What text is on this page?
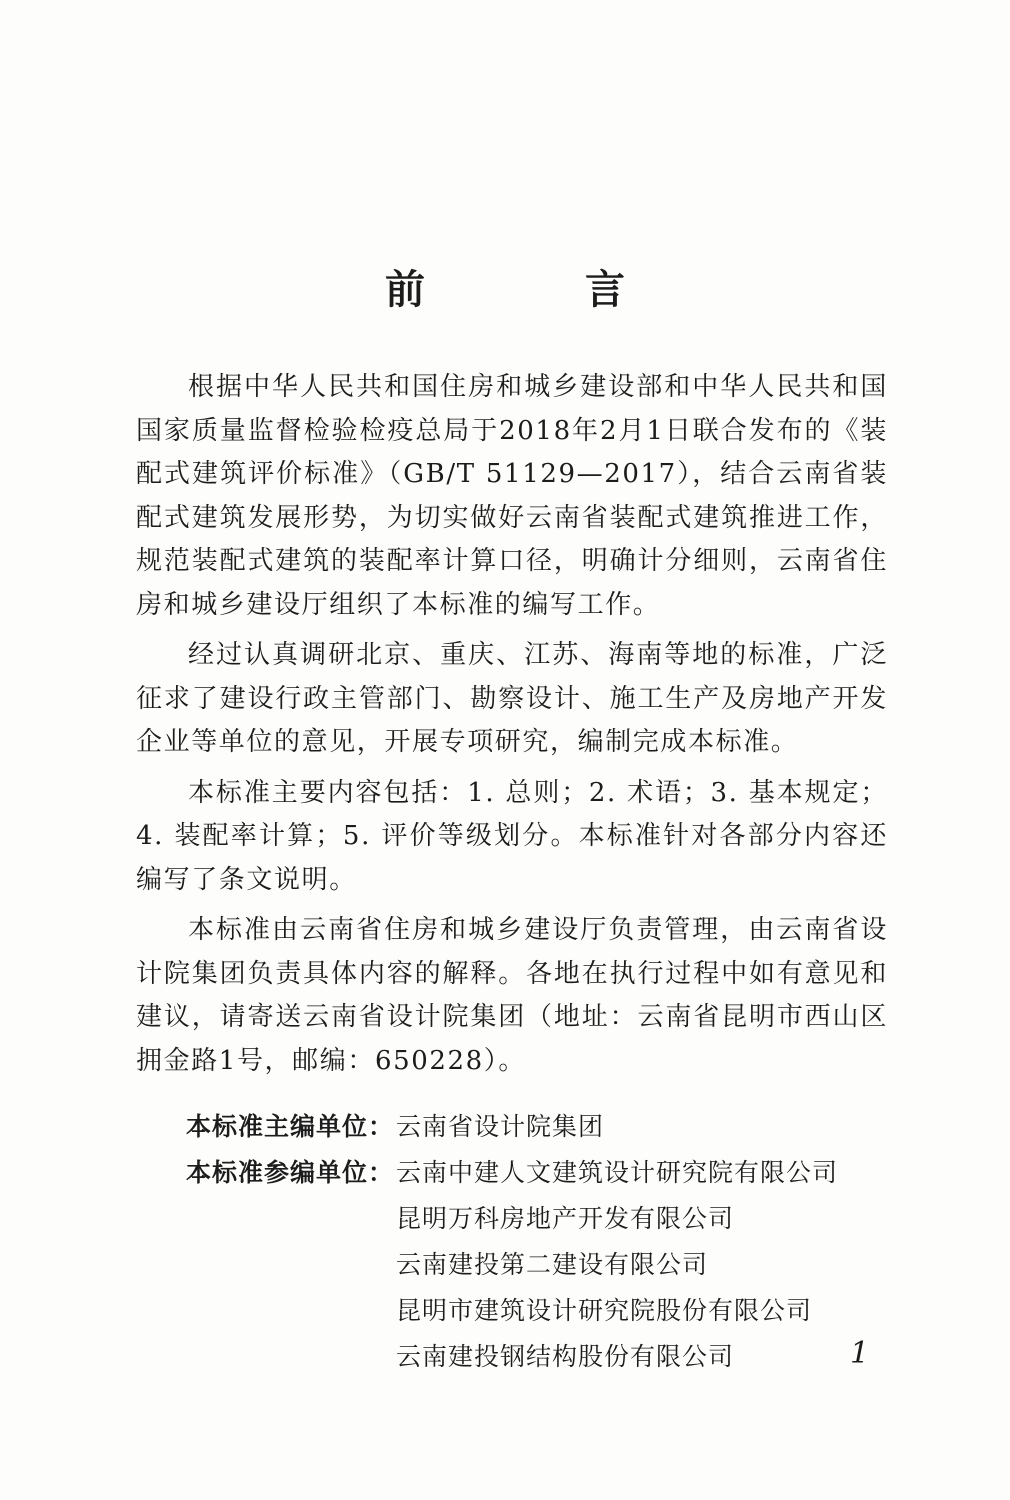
前　言

根据中华人民共和国住房和城乡建设部和中华人民共和国国家质量监督检验检疫总局于2018年2月1日联合发布的《装配式建筑评价标准》（GB/T 51129—2017），结合云南省装配式建筑发展形势，为切实做好云南省装配式建筑推进工作，规范装配式建筑的装配率计算口径，明确计分细则，云南省住房和城乡建设厅组织了本标准的编写工作。

经过认真调研北京、重庆、江苏、海南等地的标准，广泛征求了建设行政主管部门、勘察设计、施工生产及房地产开发企业等单位的意见，开展专项研究，编制完成本标准。

本标准主要内容包括：1. 总则；2. 术语；3. 基本规定；4. 装配率计算；5. 评价等级划分。本标准针对各部分内容还编写了条文说明。

本标准由云南省住房和城乡建设厅负责管理，由云南省设计院集团负责具体内容的解释。各地在执行过程中如有意见和建议，请寄送云南省设计院集团（地址：云南省昆明市西山区拥金路1号，邮编：650228）。

本标准主编单位： 云南省设计院集团
本标准参编单位： 云南中建人文建筑设计研究院有限公司
昆明万科房地产开发有限公司
云南建投第二建设有限公司
昆明市建筑设计研究院股份有限公司
云南建投钢结构股份有限公司	1
